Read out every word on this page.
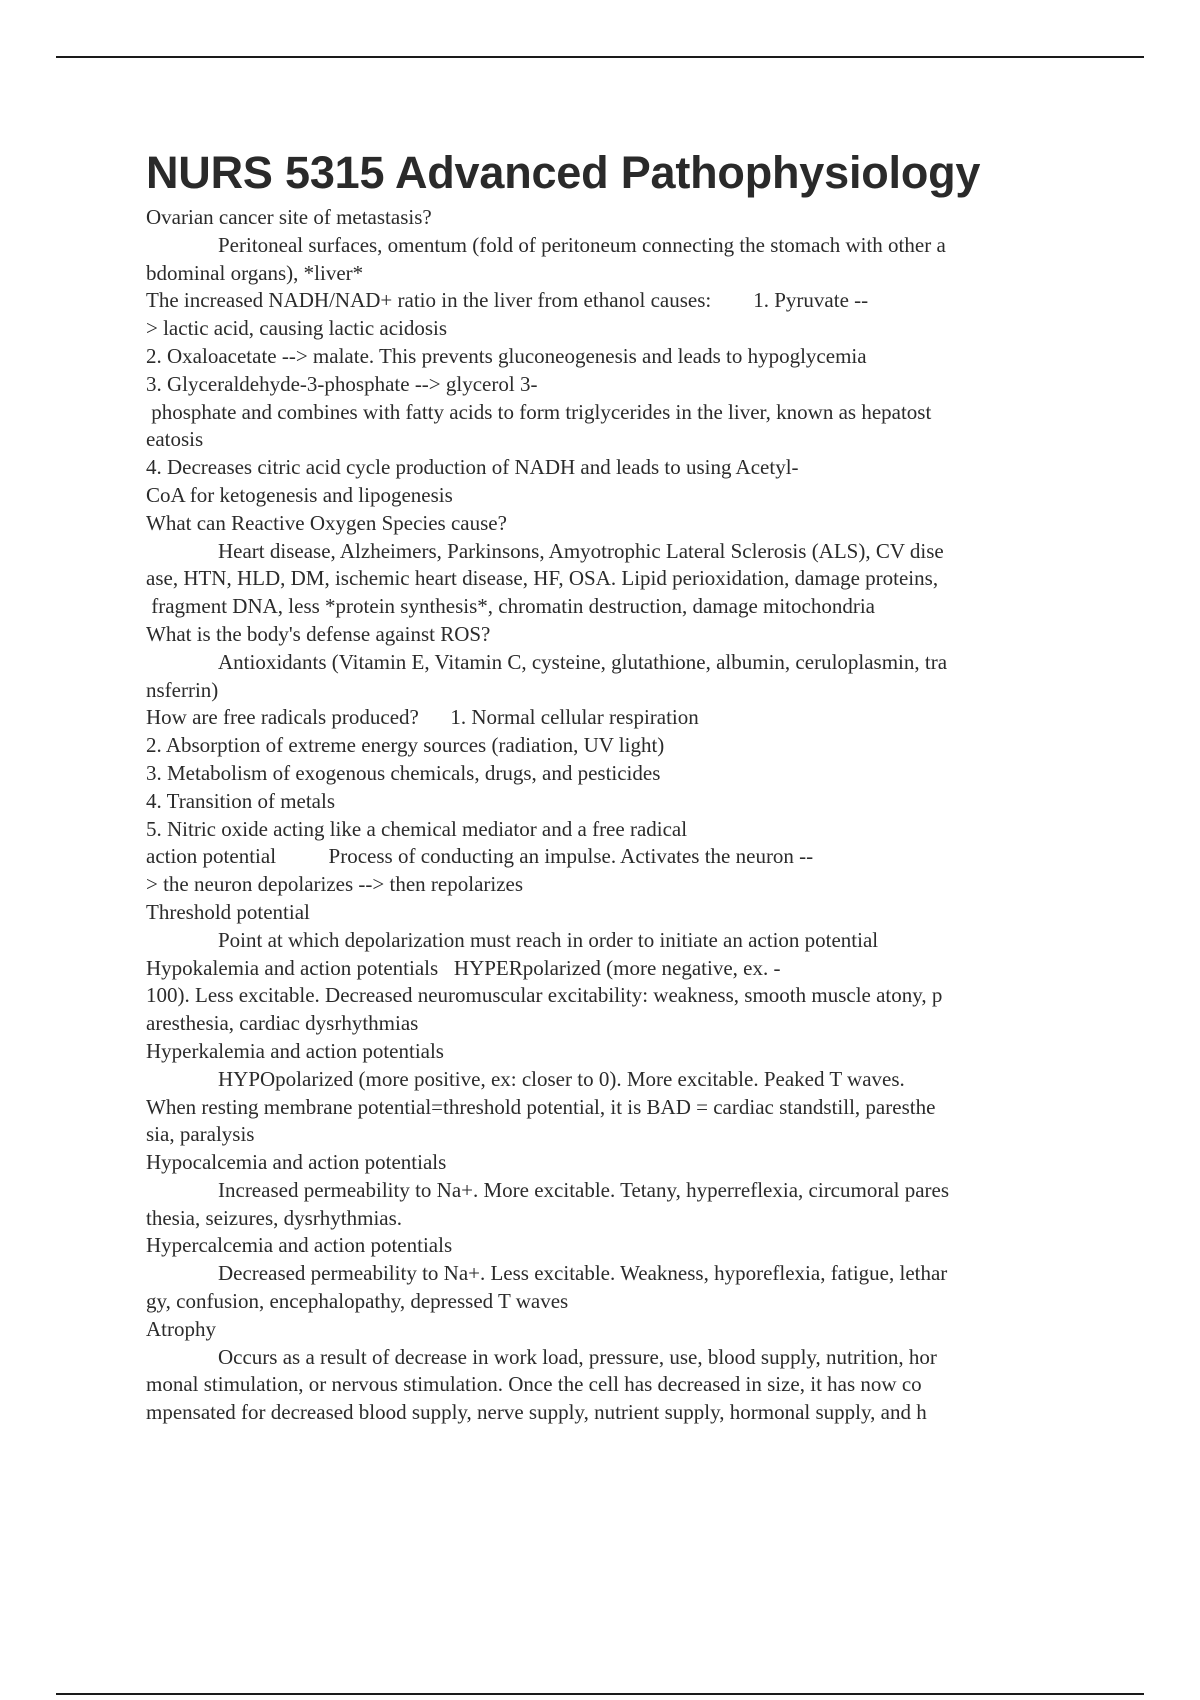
NURS 5315 Advanced Pathophysiology
Ovarian cancer site of metastasis?
Peritoneal surfaces, omentum (fold of peritoneum connecting the stomach with other a
bdominal organs), *liver*
The increased NADH/NAD+ ratio in the liver from ethanol causes:        1. Pyruvate --
> lactic acid, causing lactic acidosis
2. Oxaloacetate --> malate. This prevents gluconeogenesis and leads to hypoglycemia
3. Glyceraldehyde-3-phosphate --> glycerol 3-
phosphate and combines with fatty acids to form triglycerides in the liver, known as hepatost
eatosis
4. Decreases citric acid cycle production of NADH and leads to using Acetyl-
CoA for ketogenesis and lipogenesis
What can Reactive Oxygen Species cause?
Heart disease, Alzheimers, Parkinsons, Amyotrophic Lateral Sclerosis (ALS), CV dise
ase, HTN, HLD, DM, ischemic heart disease, HF, OSA. Lipid perioxidation, damage proteins,
fragment DNA, less *protein synthesis*, chromatin destruction, damage mitochondria
What is the body's defense against ROS?
Antioxidants (Vitamin E, Vitamin C, cysteine, glutathione, albumin, ceruloplasmin, tra
nsferrin)
How are free radicals produced?      1. Normal cellular respiration
2. Absorption of extreme energy sources (radiation, UV light)
3. Metabolism of exogenous chemicals, drugs, and pesticides
4. Transition of metals
5. Nitric oxide acting like a chemical mediator and a free radical
action potential          Process of conducting an impulse. Activates the neuron --
> the neuron depolarizes --> then repolarizes
Threshold potential
Point at which depolarization must reach in order to initiate an action potential
Hypokalemia and action potentials   HYPERpolarized (more negative, ex. -
100). Less excitable. Decreased neuromuscular excitability: weakness, smooth muscle atony, p
aresthesia, cardiac dysrhythmias
Hyperkalemia and action potentials
HYPOpolarized (more positive, ex: closer to 0). More excitable. Peaked T waves.
When resting membrane potential=threshold potential, it is BAD = cardiac standstill, paresthe
sia, paralysis
Hypocalcemia and action potentials
Increased permeability to Na+. More excitable. Tetany, hyperreflexia, circumoral pares
thesia, seizures, dysrhythmias.
Hypercalcemia and action potentials
Decreased permeability to Na+. Less excitable. Weakness, hyporeflexia, fatigue, lethar
gy, confusion, encephalopathy, depressed T waves
Atrophy
Occurs as a result of decrease in work load, pressure, use, blood supply, nutrition, hor
monal stimulation, or nervous stimulation. Once the cell has decreased in size, it has now co
mpensated for decreased blood supply, nerve supply, nutrient supply, hormonal supply, and h
